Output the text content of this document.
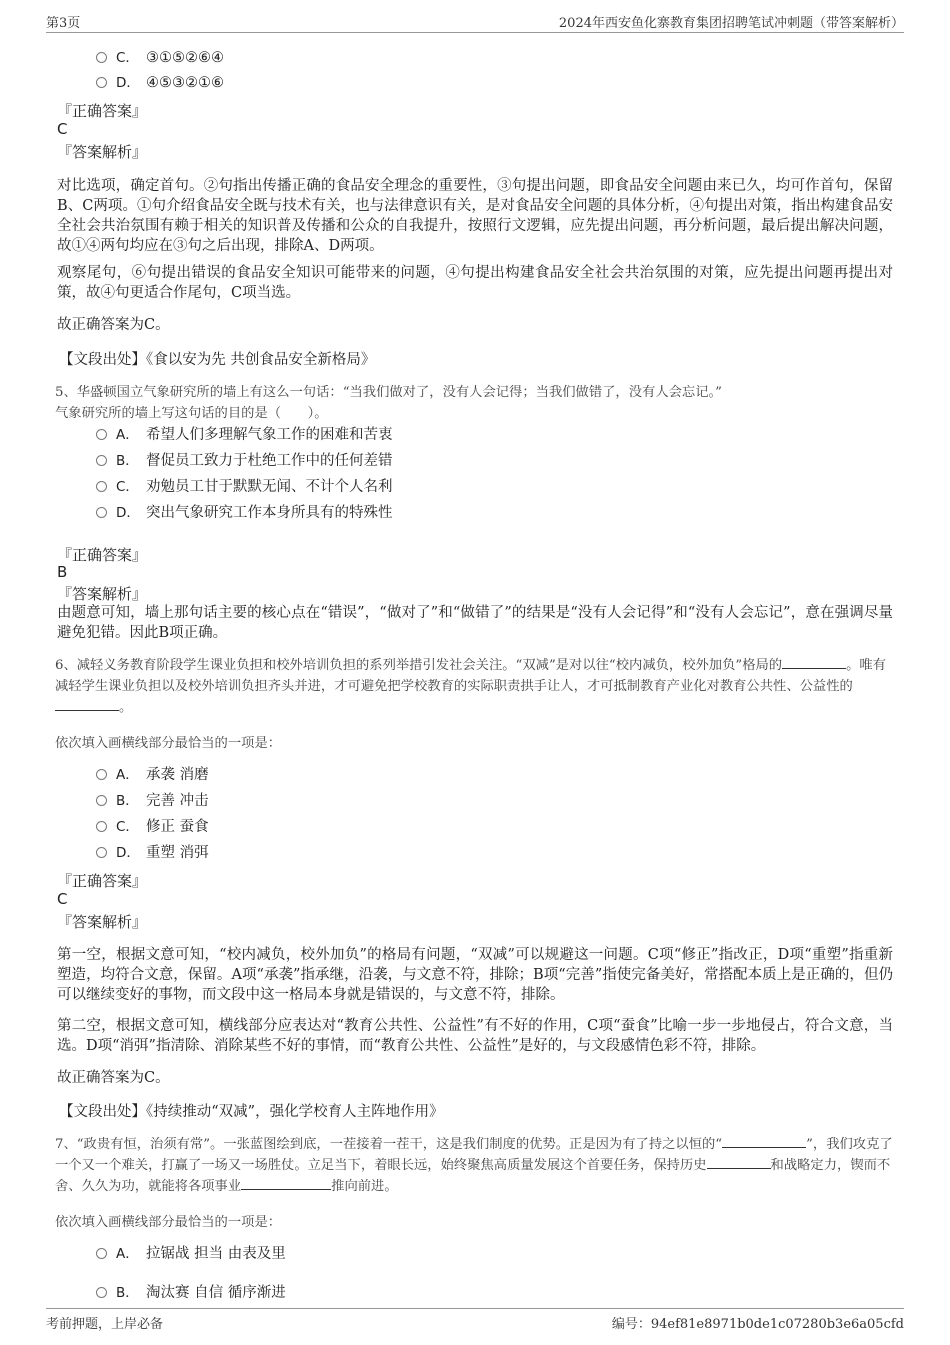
第3页	2024年西安鱼化寨教育集团招聘笔试冲刺题（带答案解析）
C． ③①⑤②⑥④
D． ④⑤③②①⑥
『正确答案』
C
『答案解析』
对比选项，确定首句。②句指出传播正确的食品安全理念的重要性，③句提出问题，即食品安全问题由来已久，均可作首句，保留B、C两项。①句介绍食品安全既与技术有关，也与法律意识有关，是对食品安全问题的具体分析，④句提出对策，指出构建食品安全社会共治氛围有赖于相关的知识普及传播和公众的自我提升，按照行文逻辑，应先提出问题，再分析问题，最后提出解决问题，故①④两句均应在③句之后出现，排除A、D两项。
观察尾句，⑥句提出错误的食品安全知识可能带来的问题，④句提出构建食品安全社会共治氛围的对策，应先提出问题再提出对策，故④句更适合作尾句，C项当选。
故正确答案为C。
【文段出处】《食以安为先 共创食品安全新格局》
5、华盛顿国立气象研究所的墙上有这么一句话：“当我们做对了，没有人会记得；当我们做错了，没有人会忘记。”
气象研究所的墙上写这句话的目的是（　　）。
A． 希望人们多理解气象工作的困难和苦衷
B． 督促员工致力于杜绝工作中的任何差错
C． 劝勉员工甘于默默无闻、不计个人名利
D． 突出气象研究工作本身所具有的特殊性
『正确答案』
B
『答案解析』
由题意可知，墙上那句话主要的核心点在“错误”，“做对了”和“做错了”的结果是“没有人会记得”和“没有人会忘记”，意在强调尽量避免犯错。因此B项正确。
6、减轻义务教育阶段学生课业负担和校外培训负担的系列举措引发社会关注。“双减”是对以往“校内减负，校外加负”格局的	。唯有减轻学生课业负担以及校外培训负担齐头并进，才可避免把学校教育的实际职责拱手让人，才可抵制教育产业化对教育公共性、公益性的。
依次填入画横线部分最恰当的一项是：
A． 承袭 消磨
B． 完善 冲击
C． 修正 蚕食
D． 重塑 消弭
『正确答案』
C
『答案解析』
第一空，根据文意可知，“校内减负，校外加负”的格局有问题，“双减”可以规避这一问题。C项“修正”指改正，D项“重塑”指重新塑造，均符合文意，保留。A项“承袭”指承继，沿袭，与文意不符，排除；B项“完善”指使完备美好，常搭配本质上是正确的，但仍可以继续变好的事物，而文段中这一格局本身就是错误的，与文意不符，排除。
第二空，根据文意可知，横线部分应表达对“教育公共性、公益性”有不好的作用，C项“蚕食”比喻一步一步地侵占，符合文意，当选。D项“消弭”指清除、消除某些不好的事情，而“教育公共性、公益性”是好的，与文段感情色彩不符，排除。
故正确答案为C。
【文段出处】《持续推动“双减”，强化学校育人主阵地作用》
7、“政贵有恒，治须有常”。一张蓝图绘到底，一茬接着一茬干，这是我们制度的优势。正是因为有了持之以恒的“	”，我们攻克了一个又一个难关，打赢了一场又一场胜仗。立足当下，着眼长远，始终聚焦高质量发展这个首要任务，保持历史	和战略定力，锲而不舍、久久为功，就能将各项事业	推向前进。
依次填入画横线部分最恰当的一项是：
A． 拉锯战 担当 由表及里
B． 淘汰赛 自信 循序渐进
考前押题，上岸必备	编号：94ef81e8971b0de1c07280b3e6a05cfd
